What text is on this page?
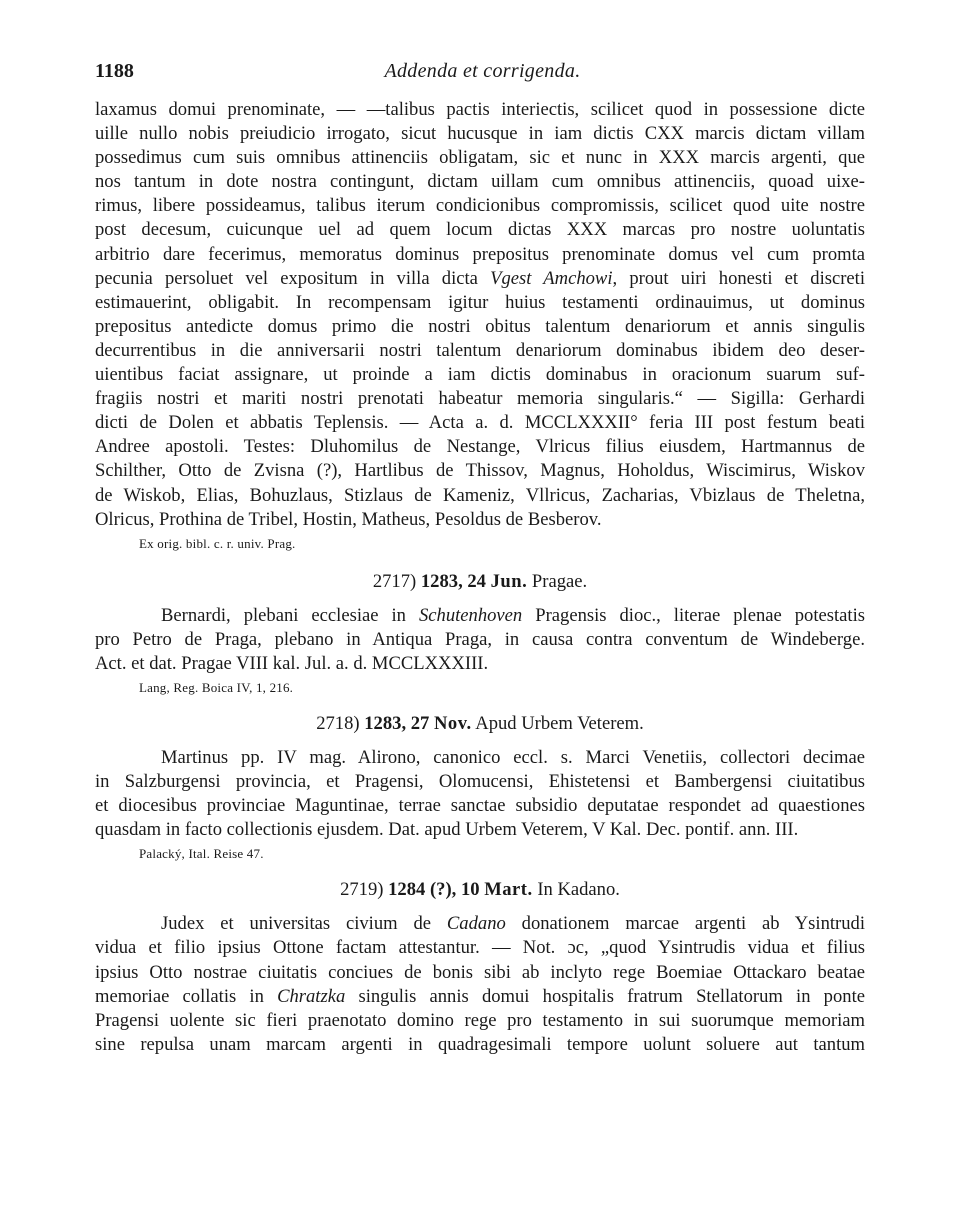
1188	Addenda et corrigenda.
laxamus domui prenominate, — —talibus pactis interiectis, scilicet quod in possessione dicte
uille nullo nobis preiudicio irrogato, sicut hucusque in iam dictis CXX marcis dictam villam
possedimus cum suis omnibus attinenciis obligatam, sic et nunc in XXX marcis argenti, que
nos tantum in dote nostra contingunt, dictam uillam cum omnibus attinenciis, quoad uixe-
rimus, libere possideamus, talibus iterum condicionibus compromissis, scilicet quod uite nostre
post decesum, cuicunque uel ad quem locum dictas XXX marcas pro nostre uoluntatis
arbitrio dare fecerimus, memoratus dominus prepositus prenominate domus vel cum promta
pecunia persoluet vel expositum in villa dicta Vgest Amchowi, prout uiri honesti et discreti
estimauerint, obligabit. In recompensam igitur huius testamenti ordinauimus, ut dominus
prepositus antedicte domus primo die nostri obitus talentum denariorum et annis singulis
decurrentibus in die anniversarii nostri talentum denariorum dominabus ibidem deo deser-
uientibus faciat assignare, ut proinde a iam dictis dominabus in oracionum suarum suf-
fragiis nostri et mariti nostri prenotati habeatur memoria singularis.“ — Sigilla: Gerhardi
dicti de Dolen et abbatis Teplensis. — Acta a. d. MCCLXXXII° feria III post festum beati
Andree apostoli. Testes: Dluhomilus de Nestange, Vlricus filius eiusdem, Hartmannus de
Schilther, Otto de Zvisna (?), Hartlibus de Thissov, Magnus, Hoholdus, Wiscimirus, Wiskov
de Wiskob, Elias, Bohuzlaus, Stizlaus de Kameniz, Vllricus, Zacharias, Vbizlaus de Theletna,
Olricus, Prothina de Tribel, Hostin, Matheus, Pesoldus de Besberov.
Ex orig. bibl. c. r. univ. Prag.
2717) 1283, 24 Jun. Pragae.
Bernardi, plebani ecclesiae in Schutenhoven Pragensis dioc., literae plenae potestatis
pro Petro de Praga, plebano in Antiqua Praga, in causa contra conventum de Windeberge.
Act. et dat. Pragae VIII kal. Jul. a. d. MCCLXXXIII.
Lang, Reg. Boica IV, 1, 216.
2718) 1283, 27 Nov. Apud Urbem Veterem.
Martinus pp. IV mag. Alirono, canonico eccl. s. Marci Venetiis, collectori decimae
in Salzburgensi provincia, et Pragensi, Olomucensi, Ehistetensi et Bambergensi ciuitatibus
et diocesibus provinciae Maguntinae, terrae sanctae subsidio deputatae respondet ad quaestiones
quasdam in facto collectionis ejusdem. Dat. apud Urbem Veterem, V Kal. Dec. pontif. ann. III.
Palacký, Ital. Reise 47.
2719) 1284 (?), 10 Mart. In Kadano.
Judex et universitas civium de Cadano donationem marcae argenti ab Ysintrudi
vidua et filio ipsius Ottone factam attestantur. — Not. ɔc, „quod Ysintrudis vidua et filius
ipsius Otto nostrae ciuitatis conciues de bonis sibi ab inclyto rege Boemiae Ottackaro beatae
memoriae collatis in Chratzka singulis annis domui hospitalis fratrum Stellatorum in ponte
Pragensi uolente sic fieri praenotato domino rege pro testamento in sui suorumque memoriam
sine repulsa unam marcam argenti in quadragesimali tempore uolunt soluere aut tantum
